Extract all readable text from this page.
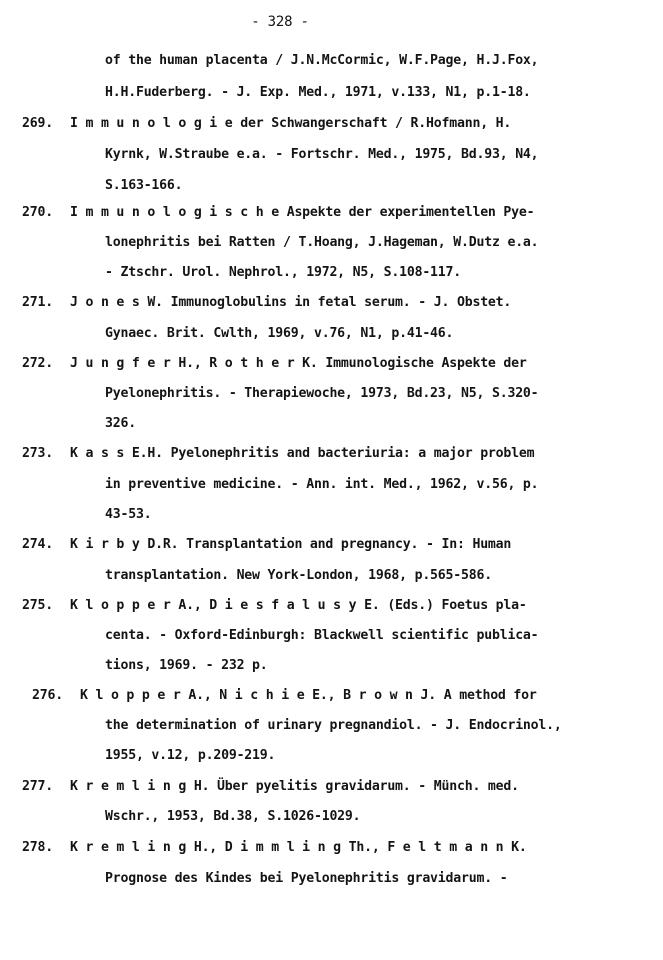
- 328 -
of the human placenta / J.N.McCormic, W.F.Page, H.J.Fox,
H.H.Fuderberg. - J. Exp. Med., 1971, v.133, N1, p.1-18.
269. I m m u n o l o g i e der Schwangerschaft / R.Hofmann, H.
Kyrnk, W.Straube e.a. - Fortschr. Med., 1975, Bd.93, N4,
S.163-166.
270. I m m u n o l o g i s c h e Aspekte der experimentellen Pye-
lonephritis bei Ratten / T.Hoang, J.Hageman, W.Dutz e.a.
- Ztschr. Urol. Nephrol., 1972, N5, S.108-117.
271. J o n e s W. Immunoglobulins in fetal serum. - J. Obstet.
Gynaec. Brit. Cwlth, 1969, v.76, N1, p.41-46.
272. J u n g f e r H., R o t h e r K. Immunologische Aspekte der
Pyelonephritis. - Therapiewoche, 1973, Bd.23, N5, S.320-
326.
273. K a s s E.H. Pyelonephritis and bacteriuria: a major problem
in preventive medicine. - Ann. int. Med., 1962, v.56, p.
43-53.
274. K i r b y D.R. Transplantation and pregnancy. - In: Human
transplantation. New York-London, 1968, p.565-586.
275. K l o p p e r A., D i e s f a l u s y E. (Eds.) Foetus pla-
centa. - Oxford-Edinburgh: Blackwell scientific publica-
tions, 1969. - 232 p.
276. K l o p p e r A., N i c h i e E., B r o w n J. A method for
the determination of urinary pregnandiol. - J. Endocrinol.,
1955, v.12, p.209-219.
277. K r e m l i n g H. Über pyelitis gravidarum. - Münch. med.
Wschr., 1953, Bd.38, S.1026-1029.
278. K r e m l i n g H., D i m m l i n g Th., F e l t m a n n K.
Prognose des Kindes bei Pyelonephritis gravidarum. -
